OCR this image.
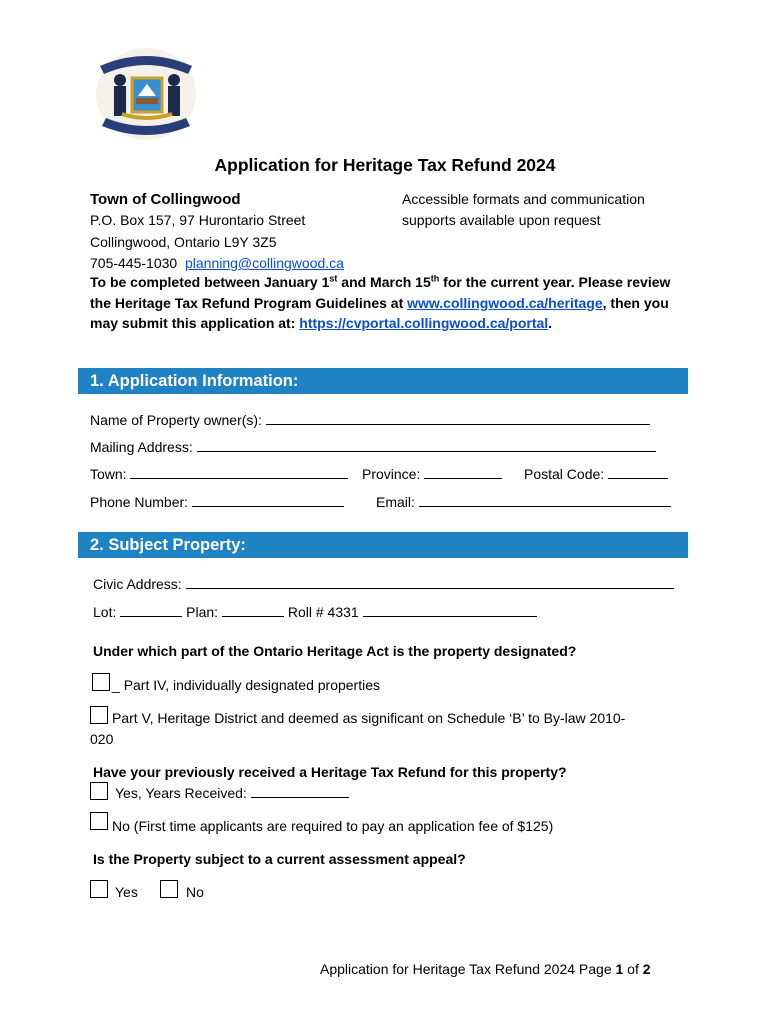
Application for Heritage Tax Refund 2024
Town of Collingwood
P.O. Box 157, 97 Hurontario Street
Collingwood, Ontario L9Y 3Z5
705-445-1030 planning@collingwood.ca
Accessible formats and communication
supports available upon request
To be completed between January 1st and March 15th for the current year. Please review the Heritage Tax Refund Program Guidelines at www.collingwood.ca/heritage, then you may submit this application at: https://cvportal.collingwood.ca/portal.
1. Application Information:
Name of Property owner(s):
Mailing Address:
Town:	Province:	Postal Code:
Phone Number:	Email:
2. Subject Property:
Civic Address:
Lot:	Plan:	Roll # 4331
Under which part of the Ontario Heritage Act is the property designated?
_ Part IV, individually designated properties
Part V, Heritage District and deemed as significant on Schedule ‘B’ to By-law 2010-
020
Have your previously received a Heritage Tax Refund for this property?
Yes, Years Received:
No (First time applicants are required to pay an application fee of $125)
Is the Property subject to a current assessment appeal?
Yes	No
Application for Heritage Tax Refund 2024 Page 1 of 2
